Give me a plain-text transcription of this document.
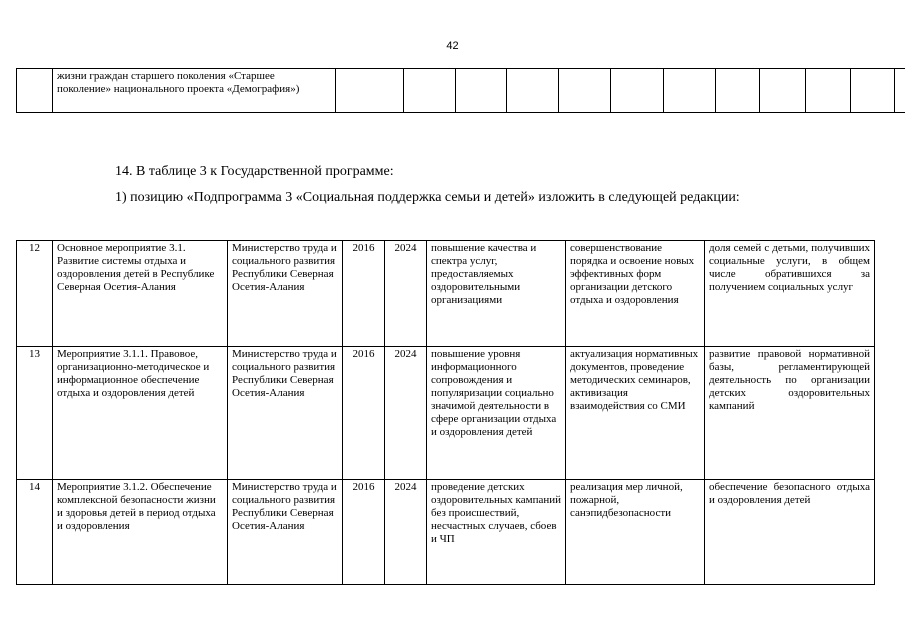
42
	жизни граждан старшего поколения «Старшее поколение» национального проекта «Демография»)												
14. В таблице 3 к Государственной программе:
1) позицию «Подпрограмма 3 «Социальная поддержка семьи и детей» изложить в следующей редакции:
12	Основное мероприятие 3.1. Развитие системы отдыха и оздоровления детей в Республике Северная Осетия-Алания	Министерство труда и социального развития Республики Северная Осетия-Алания	2016	2024	повышение качества и спектра услуг, предоставляемых оздоровительными организациями	совершенствование порядка и освоение новых эффективных форм организации детского отдыха и оздоровления	доля семей с детьми, получивших социальные услуги, в общем числе обратившихся за получением социальных услуг
13	Мероприятие 3.1.1. Правовое, организационно-методическое и информационное обеспечение отдыха и оздоровления детей	Министерство труда и социального развития Республики Северная Осетия-Алания	2016	2024	повышение уровня информационного сопровождения и популяризации социально значимой деятельности в сфере организации отдыха и оздоровления детей	актуализация нормативных документов, проведение методических семинаров, активизация взаимодействия со СМИ	развитие правовой нормативной базы, регламентирующей деятельность по организации детских оздоровительных кампаний
14	Мероприятие 3.1.2. Обеспечение комплексной безопасности жизни и здоровья детей в период отдыха и оздоровления	Министерство труда и социального развития Республики Северная Осетия-Алания	2016	2024	проведение детских оздоровительных кампаний без происшествий, несчастных случаев, сбоев и ЧП	реализация мер личной, пожарной, санэпидбезопасности	обеспечение безопасного отдыха и оздоровления детей
